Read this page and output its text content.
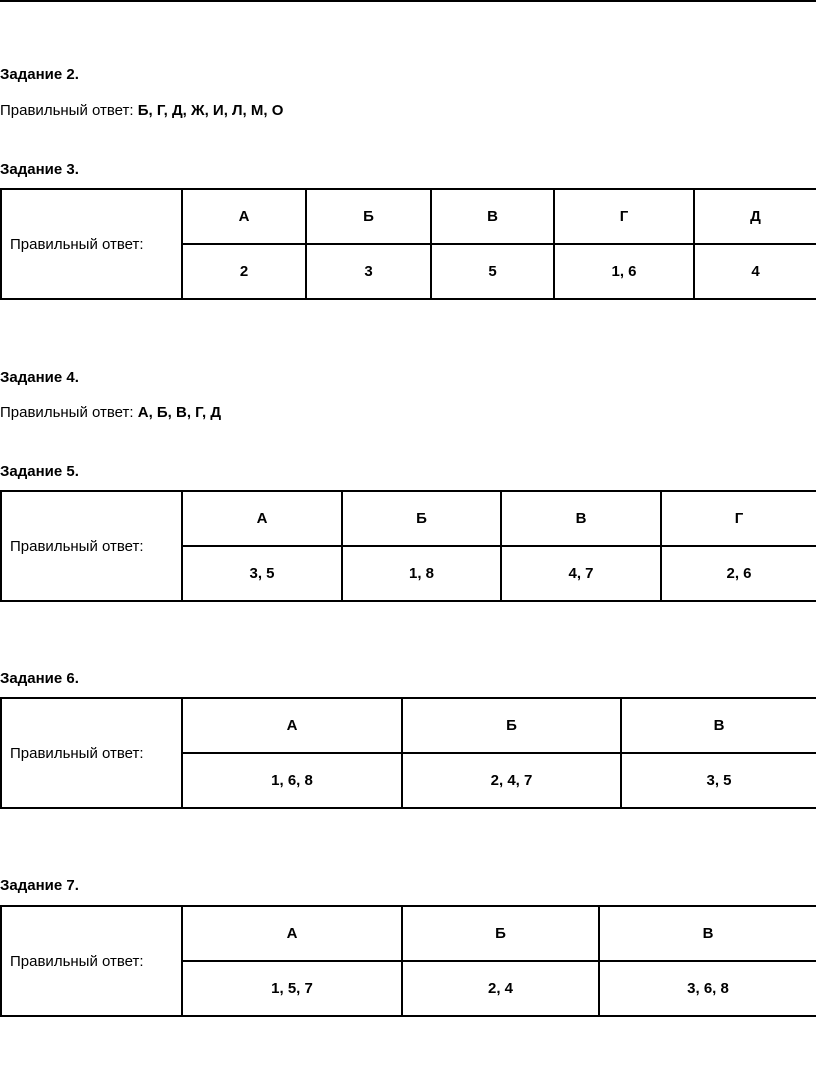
Задание 2.
Правильный ответ: Б, Г, Д, Ж, И, Л, М, О
Задание 3.
Правильный ответ:	А	Б	В	Г	Д
	2	3	5	1, 6	4
Задание 4.
Правильный ответ: А, Б, В, Г, Д
Задание 5.
Правильный ответ:	А	Б	В	Г
	3, 5	1, 8	4, 7	2, 6
Задание 6.
Правильный ответ:	А	Б	В
	1, 6, 8	2, 4, 7	3, 5
Задание 7.
Правильный ответ:	А	Б	В
	1, 5, 7	2, 4	3, 6, 8
